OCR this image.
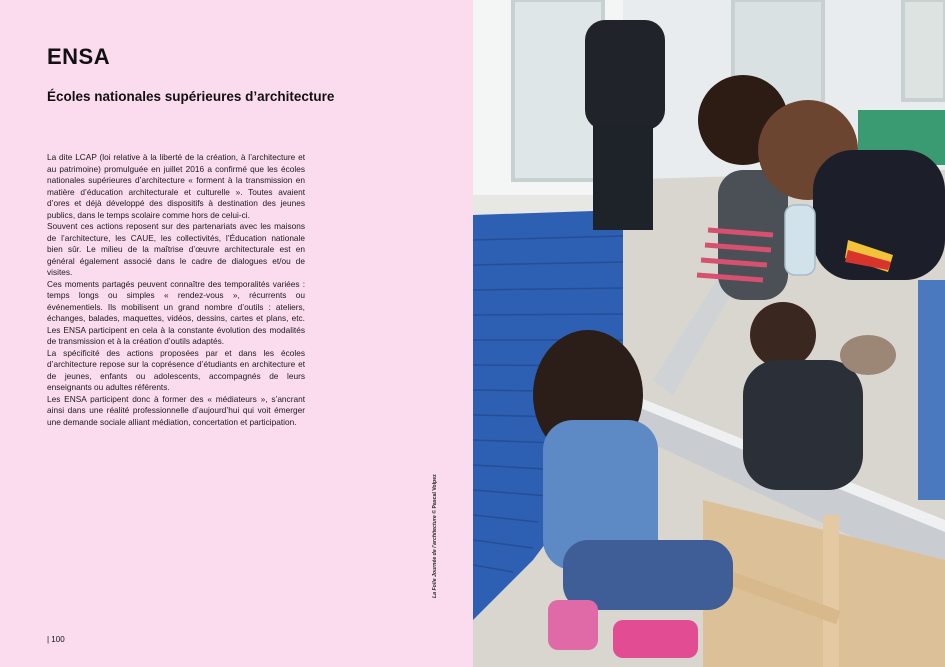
ENSA
Écoles nationales supérieures d’architecture

La dite LCAP (loi relative à la liberté de la création, à l’architecture et au patrimoine) promulguée en juillet 2016 a confirmé que les écoles nationales supérieures d’architecture « forment à la transmission en matière d’éducation architecturale et culturelle ». Toutes avaient d’ores et déjà développé des dispositifs à destination des jeunes publics, dans le temps scolaire comme hors de celui-ci.

Souvent ces actions reposent sur des partenariats avec les maisons de l’architecture, les CAUE, les collectivités, l’Éducation nationale bien sûr. Le milieu de la maîtrise d’œuvre architecturale est en général également associé dans le cadre de dialogues et/ou de visites.

Ces moments partagés peuvent connaître des temporalités variées : temps longs ou simples « rendez-vous », récurrents ou événementiels. Ils mobilisent un grand nombre d’outils : ateliers, échanges, balades, maquettes, vidéos, dessins, cartes et plans, etc. Les ENSA participent en cela à la constante évolution des modalités de transmission et à la création d’outils adaptés.

La spécificité des actions proposées par et dans les écoles d’architecture repose sur la coprésence d’étudiants en architecture et de jeunes, enfants ou adolescents, accompagnés de leurs enseignants ou adultes référents.

Les ENSA participent donc à former des « médiateurs », s’ancrant ainsi dans une réalité professionnelle d’aujourd’hui qui voit émerger une demande sociale alliant médiation, concertation et participation.

La Folle Journée de l’architecture © Pascal Volpez
| 100
